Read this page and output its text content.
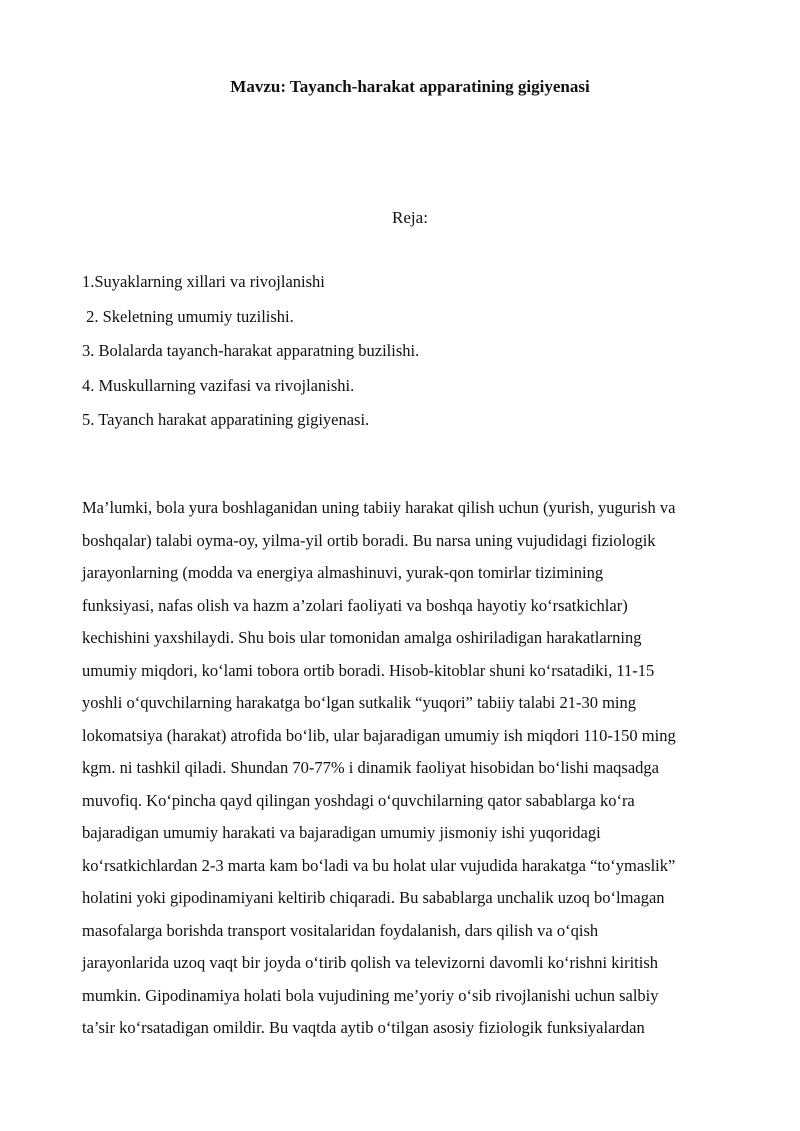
Mavzu: Tayanch-harakat apparatining gigiyenasi
Reja:
1.Suyaklarning xillari va rivojlanishi
2. Skeletning umumiy tuzilishi.
3. Bolalarda tayanch-harakat apparatning buzilishi.
4. Muskullarning vazifasi va rivojlanishi.
5. Tayanch harakat apparatining gigiyenasi.
Ma’lumki, bola yura boshlaganidan uning tabiiy harakat qilish uchun (yurish, yugurish va
boshqalar) talabi oyma-oy, yilma-yil ortib boradi. Bu narsa uning vujudidagi fiziologik
jarayonlarning (modda va energiya almashinuvi, yurak-qon tomirlar tizimining
funksiyasi, nafas olish va hazm a’zolari faoliyati va boshqa hayotiy ko‘rsatkichlar)
kechishini yaxshilaydi. Shu bois ular tomonidan amalga oshiriladigan harakatlarning
umumiy miqdori, ko‘lami tobora ortib boradi. Hisob-kitoblar shuni ko‘rsatadiki, 11-15
yoshli o‘quvchilarning harakatga bo‘lgan sutkalik “yuqori” tabiiy talabi 21-30 ming
lokomatsiya (harakat) atrofida bo‘lib, ular bajaradigan umumiy ish miqdori 110-150 ming
kgm. ni tashkil qiladi. Shundan 70-77% i dinamik faoliyat hisobidan bo‘lishi maqsadga
muvofiq. Ko‘pincha qayd qilingan yoshdagi o‘quvchilarning qator sabablarga ko‘ra
bajaradigan umumiy harakati va bajaradigan umumiy jismoniy ishi yuqoridagi
ko‘rsatkichlardan 2-3 marta kam bo‘ladi va bu holat ular vujudida harakatga “to‘ymaslik”
holatini yoki gipodinamiyani keltirib chiqaradi. Bu sabablarga unchalik uzoq bo‘lmagan
masofalarga borishda transport vositalaridan foydalanish, dars qilish va o‘qish
jarayonlarida uzoq vaqt bir joyda o‘tirib qolish va televizorni davomli ko‘rishni kiritish
mumkin. Gipodinamiya holati bola vujudining me’yoriy o‘sib rivojlanishi uchun salbiy
ta’sir ko‘rsatadigan omildir. Bu vaqtda aytib o‘tilgan asosiy fiziologik funksiyalardan
